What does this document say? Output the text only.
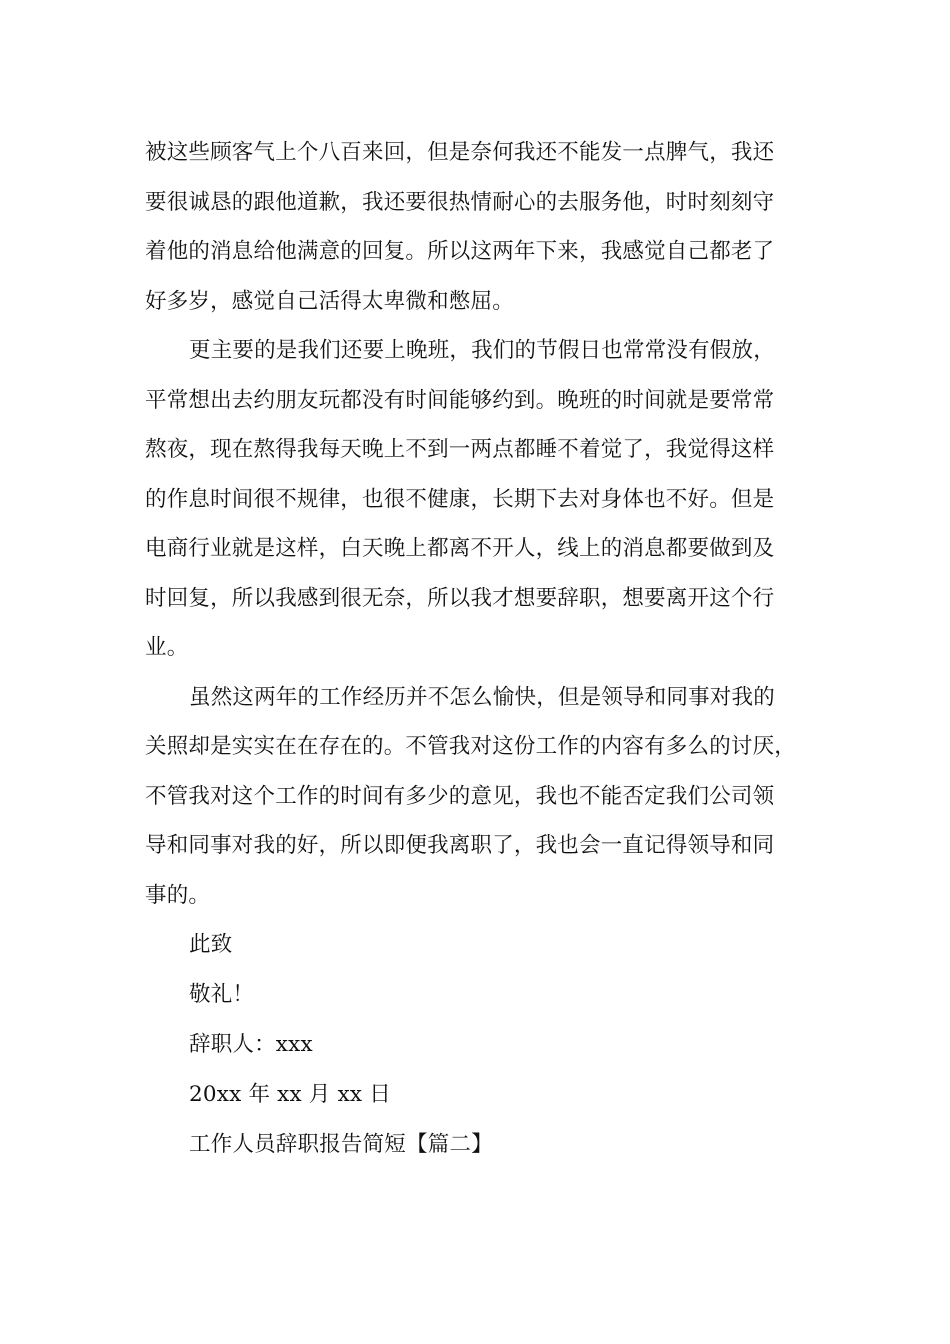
被这些顾客气上个八百来回，但是奈何我还不能发一点脾气，我还
要很诚恳的跟他道歉，我还要很热情耐心的去服务他，时时刻刻守
着他的消息给他满意的回复。所以这两年下来，我感觉自己都老了
好多岁，感觉自己活得太卑微和憋屈。
更主要的是我们还要上晚班，我们的节假日也常常没有假放，
平常想出去约朋友玩都没有时间能够约到。晚班的时间就是要常常
熬夜，现在熬得我每天晚上不到一两点都睡不着觉了，我觉得这样
的作息时间很不规律，也很不健康，长期下去对身体也不好。但是
电商行业就是这样，白天晚上都离不开人，线上的消息都要做到及
时回复，所以我感到很无奈，所以我才想要辞职，想要离开这个行
业。
虽然这两年的工作经历并不怎么愉快，但是领导和同事对我的
关照却是实实在在存在的。不管我对这份工作的内容有多么的讨厌，
不管我对这个工作的时间有多少的意见，我也不能否定我们公司领
导和同事对我的好，所以即便我离职了，我也会一直记得领导和同
事的。
此致
敬礼！
辞职人：xxx
20xx 年 xx 月 xx 日
工作人员辞职报告简短【篇二】
